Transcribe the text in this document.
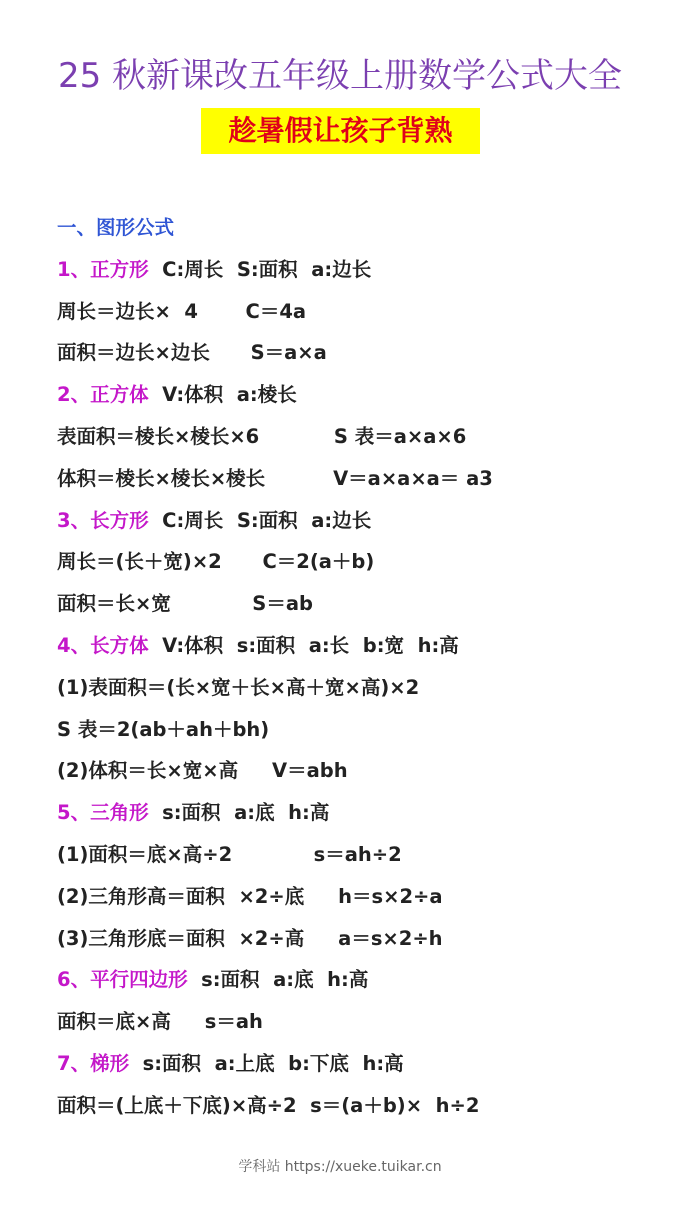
25 秋新课改五年级上册数学公式大全
趁暑假让孩子背熟
一、图形公式
1、正方形  C:周长  S:面积  a:边长
周长＝边长×  4       C＝4a
面积＝边长×边长      S＝a×a
2、正方体  V:体积  a:棱长
表面积＝棱长×棱长×6           S 表＝a×a×6
体积＝棱长×棱长×棱长          V＝a×a×a＝ a3
3、长方形  C:周长  S:面积  a:边长
周长＝(长＋宽)×2      C＝2(a＋b)
面积＝长×宽            S＝ab
4、长方体  V:体积  s:面积  a:长  b:宽  h:高
(1)表面积＝(长×宽＋长×高＋宽×高)×2
S 表＝2(ab＋ah＋bh)
(2)体积＝长×宽×高     V＝abh
5、三角形  s:面积  a:底  h:高
(1)面积＝底×高÷2            s＝ah÷2
(2)三角形高＝面积  ×2÷底     h＝s×2÷a
(3)三角形底＝面积  ×2÷高     a＝s×2÷h
6、平行四边形  s:面积  a:底  h:高
面积＝底×高     s＝ah
7、梯形  s:面积  a:上底  b:下底  h:高
面积＝(上底＋下底)×高÷2  s＝(a＋b)×  h÷2
学科站 https://xueke.tuikar.cn
